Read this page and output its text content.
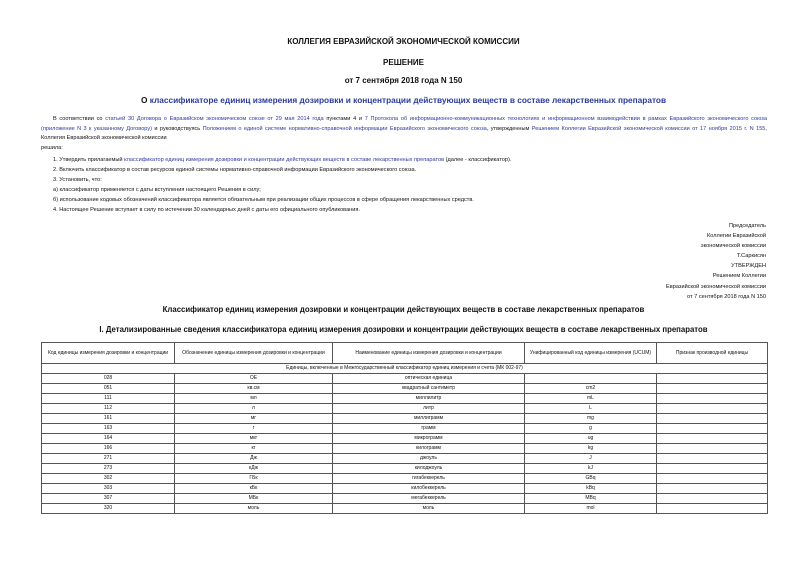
КОЛЛЕГИЯ ЕВРАЗИЙСКОЙ ЭКОНОМИЧЕСКОЙ КОМИССИИ
РЕШЕНИЕ
от 7 сентября 2018 года N 150
О классификаторе единиц измерения дозировки и концентрации действующих веществ в составе лекарственных препаратов
В соответствии со статьей 30 Договора о Евразийском экономическом союзе от 29 мая 2014 года пунктами 4 и 7 Протокола об информационно-коммуникационных технологиях и информационном взаимодействии в рамках Евразийского экономического союза (приложение N 3 к указанному Договору) и руководствуясь Положением о единой системе нормативно-справочной информации Евразийского экономического союза, утвержденным Решением Коллегии Евразийской экономической комиссии от 17 ноября 2015 г. N 155, Коллегия Евразийской экономической комиссии
решила:
1. Утвердить прилагаемый классификатор единиц измерения дозировки и концентрации действующих веществ в составе лекарственных препаратов (далее - классификатор).
2. Включить классификатор в состав ресурсов единой системы нормативно-справочной информации Евразийского экономического союза.
3. Установить, что:
а) классификатор применяется с даты вступления настоящего Решения в силу;
б) использование кодовых обозначений классификатора является обязательным при реализации общих процессов в сфере обращения лекарственных средств.
4. Настоящее Решение вступает в силу по истечении 30 календарных дней с даты его официального опубликования.
Председатель
Коллегии Евразийской
экономической комиссии
Т.Саркисян
УТВЕРЖДЕН
Решением Коллегии
Евразийской экономической комиссии
от 7 сентября 2018 года N 150
Классификатор единиц измерения дозировки и концентрации действующих веществ в составе лекарственных препаратов
I. Детализированные сведения классификатора единиц измерения дозировки и концентрации действующих веществ в составе лекарственных препаратов
Код единицы измерения дозировки и концентрации	Обозначение единицы измерения дозировки и концентрации	Наименование единицы измерения дозировки и концентрации	Унифицированный код единицы измерения (UCUM)	Признак производной единицы
Единицы, включенные в Межгосударственный классификатор единиц измерения и счета (МК 002-97)				
028	ОЕ	оптическая единица		
051	кв.см	квадратный сантиметр	cm2	
111	мл	миллилитр	mL	
112	л	литр	L	
161	мг	миллиграмм	mg	
163	г	грамм	g	
164	мкг	микрограмм	ug	
166	кг	килограмм	kg	
271	Дж	джоуль	J	
273	кДж	килоджоуль	kJ	
302	ГБк	гигабеккерель	GBq	
303	кБк	килобеккерель	kBq	
307	МБк	мегабеккерель	MBq	
320	моль	моль	mol	
